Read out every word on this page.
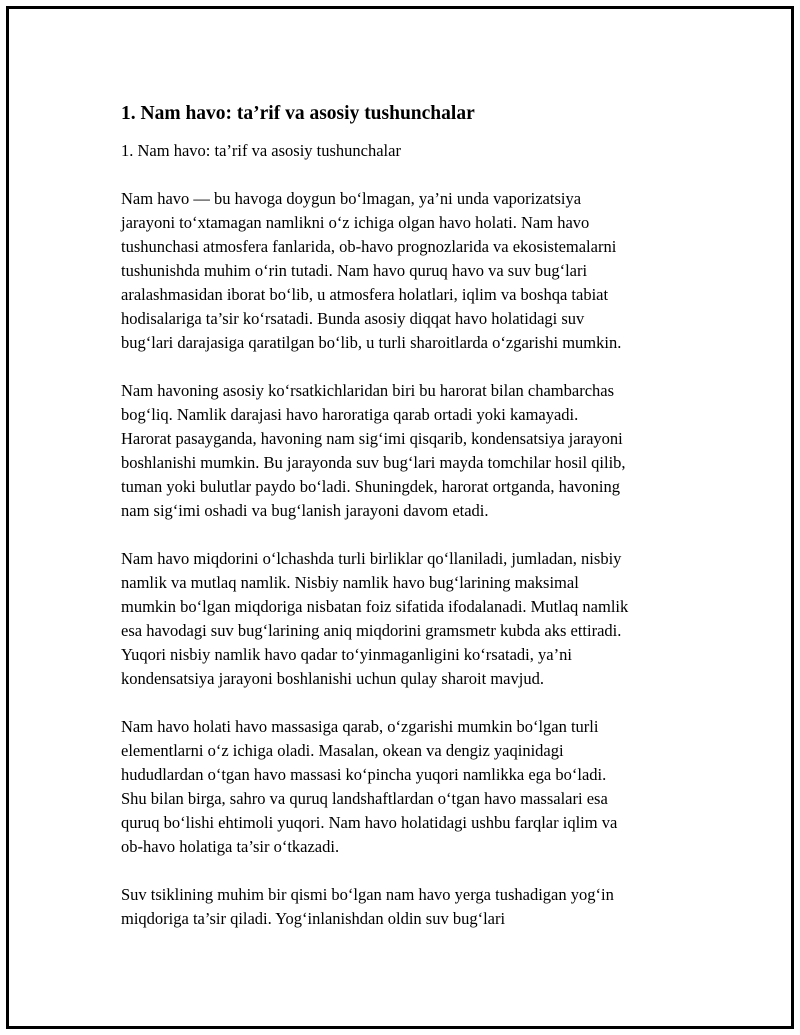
1. Nam havo: ta’rif va asosiy tushunchalar

1. Nam havo: ta’rif va asosiy tushunchalar

Nam havo — bu havoga doygun bo‘lmagan, ya’ni unda vaporizatsiya
jarayoni to‘xtamagan namlikni o‘z ichiga olgan havo holati. Nam havo
tushunchasi atmosfera fanlarida, ob-havo prognozlarida va ekosistemalarni
tushunishda muhim o‘rin tutadi. Nam havo quruq havo va suv bug‘lari
aralashmasidan iborat bo‘lib, u atmosfera holatlari, iqlim va boshqa tabiat
hodisalariga ta’sir ko‘rsatadi. Bunda asosiy diqqat havo holatidagi suv
bug‘lari darajasiga qaratilgan bo‘lib, u turli sharoitlarda o‘zgarishi mumkin.

Nam havoning asosiy ko‘rsatkichlaridan biri bu harorat bilan chambarchas
bog‘liq. Namlik darajasi havo haroratiga qarab ortadi yoki kamayadi.
Harorat pasayganda, havoning nam sig‘imi qisqarib, kondensatsiya jarayoni
boshlanishi mumkin. Bu jarayonda suv bug‘lari mayda tomchilar hosil qilib,
tuman yoki bulutlar paydo bo‘ladi. Shuningdek, harorat ortganda, havoning
nam sig‘imi oshadi va bug‘lanish jarayoni davom etadi.

Nam havo miqdorini o‘lchashda turli birliklar qo‘llaniladi, jumladan, nisbiy
namlik va mutlaq namlik. Nisbiy namlik havo bug‘larining maksimal
mumkin bo‘lgan miqdoriga nisbatan foiz sifatida ifodalanadi. Mutlaq namlik
esa havodagi suv bug‘larining aniq miqdorini gramsmetr kubda aks ettiradi.
Yuqori nisbiy namlik havo qadar to‘yinmaganligini ko‘rsatadi, ya’ni
kondensatsiya jarayoni boshlanishi uchun qulay sharoit mavjud.

Nam havo holati havo massasiga qarab, o‘zgarishi mumkin bo‘lgan turli
elementlarni o‘z ichiga oladi. Masalan, okean va dengiz yaqinidagi
hududlardan o‘tgan havo massasi ko‘pincha yuqori namlikka ega bo‘ladi.
Shu bilan birga, sahro va quruq landshaftlardan o‘tgan havo massalari esa
quruq bo‘lishi ehtimoli yuqori. Nam havo holatidagi ushbu farqlar iqlim va
ob-havo holatiga ta’sir o‘tkazadi.

Suv tsiklining muhim bir qismi bo‘lgan nam havo yerga tushadigan yog‘in
miqdoriga ta’sir qiladi. Yog‘inlanishdan oldin suv bug‘lari
